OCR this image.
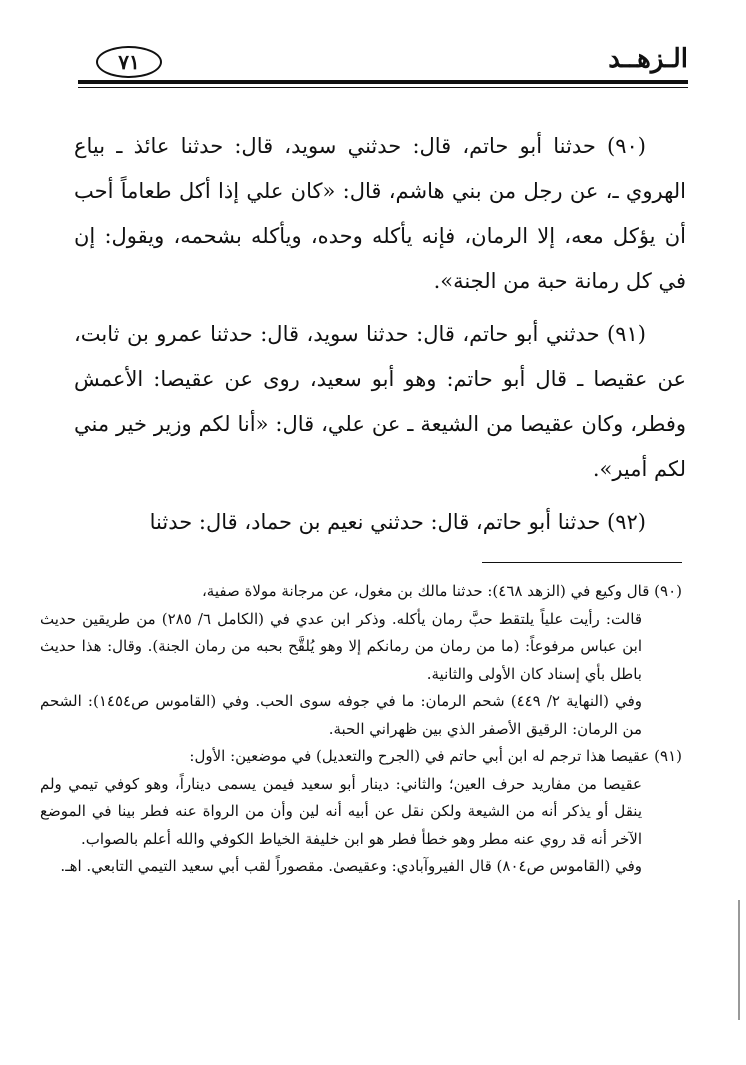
٧١	الـزهــد

(٩٠) حدثنا أبو حاتم، قال: حدثني سويد، قال: حدثنا عائذ ـ بياع الهروي ـ، عن رجل من بني هاشم، قال: «كان علي إذا أكل طعاماً أحب أن يؤكل معه، إلا الرمان، فإنه يأكله وحده، ويأكله بشحمه، ويقول: إن في كل رمانة حبة من الجنة».

(٩١) حدثني أبو حاتم، قال: حدثنا سويد، قال: حدثنا عمرو بن ثابت، عن عقيصا ـ قال أبو حاتم: وهو أبو سعيد، روى عن عقيصا: الأعمش وفطر، وكان عقيصا من الشيعة ـ عن علي، قال: «أنا لكم وزير خير مني لكم أمير».

(٩٢) حدثنا أبو حاتم، قال: حدثني نعيم بن حماد، قال: حدثنا

(٩٠) قال وكيع في (الزهد ٤٦٨): حدثنا مالك بن مغول، عن مرجانة مولاة صفية،

قالت: رأيت علياً يلتقط حبَّ رمان يأكله. وذكر ابن عدي في (الكامل ٦/ ٢٨٥) من طريقين حديث ابن عباس مرفوعاً: (ما من رمان من رمانكم إلا وهو يُلقَّح بحبه من رمان الجنة). وقال: هذا حديث باطل بأي إسناد كان الأولى والثانية.

وفي (النهاية ٢/ ٤٤٩) شحم الرمان: ما في جوفه سوى الحب. وفي (القاموس ص١٤٥٤): الشحم من الرمان: الرقيق الأصفر الذي بين ظهراني الحبة.

(٩١) عقيصا هذا ترجم له ابن أبي حاتم في (الجرح والتعديل) في موضعين: الأول:

عقيصا من مفاريد حرف العين؛ والثاني: دينار أبو سعيد فيمن يسمى ديناراً، وهو كوفي تيمي ولم ينقل أو يذكر أنه من الشيعة ولكن نقل عن أبيه أنه لين وأن من الرواة عنه فطر بينا في الموضع الآخر أنه قد روي عنه مطر وهو خطأ فطر هو ابن خليفة الخياط الكوفي والله أعلم بالصواب.

وفي (القاموس ص٨٠٤) قال الفيروآبادي: وعقيصىٰ. مقصوراً لقب أبي سعيد التيمي التابعي. اهـ.
